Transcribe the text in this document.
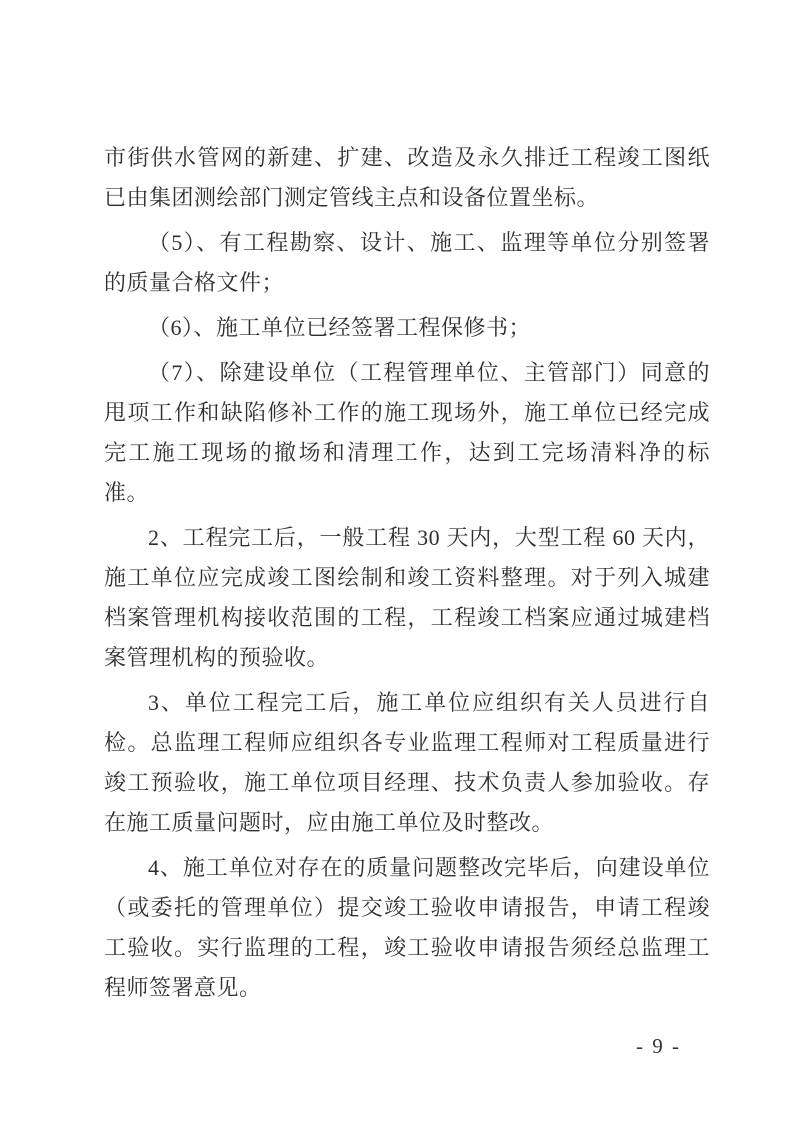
市街供水管网的新建、扩建、改造及永久排迁工程竣工图纸已由集团测绘部门测定管线主点和设备位置坐标。

（5）、有工程勘察、设计、施工、监理等单位分别签署的质量合格文件；

（6）、施工单位已经签署工程保修书；

（7）、除建设单位（工程管理单位、主管部门）同意的甩项工作和缺陷修补工作的施工现场外，施工单位已经完成完工施工现场的撤场和清理工作，达到工完场清料净的标准。

2、工程完工后，一般工程 30 天内，大型工程 60 天内，施工单位应完成竣工图绘制和竣工资料整理。对于列入城建档案管理机构接收范围的工程，工程竣工档案应通过城建档案管理机构的预验收。

3、单位工程完工后，施工单位应组织有关人员进行自检。总监理工程师应组织各专业监理工程师对工程质量进行竣工预验收，施工单位项目经理、技术负责人参加验收。存在施工质量问题时，应由施工单位及时整改。

4、施工单位对存在的质量问题整改完毕后，向建设单位（或委托的管理单位）提交竣工验收申请报告，申请工程竣工验收。实行监理的工程，竣工验收申请报告须经总监理工程师签署意见。

- 9 -
